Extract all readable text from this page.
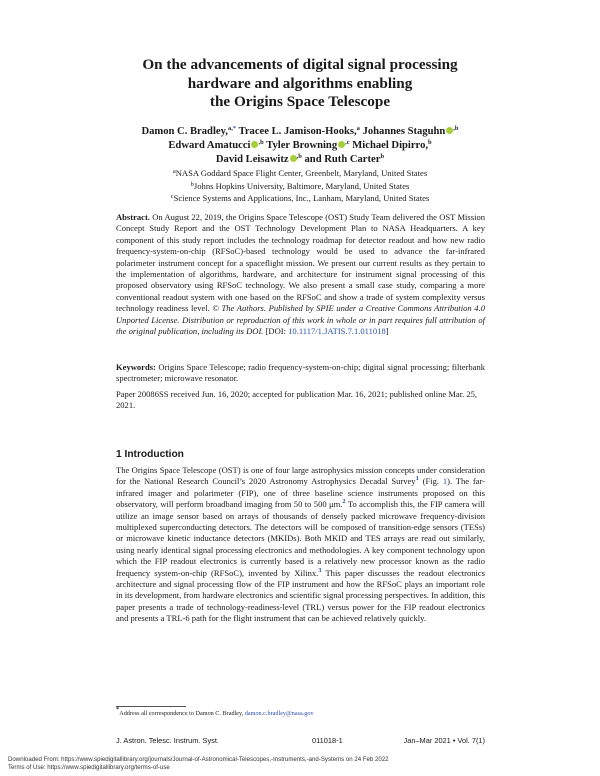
On the advancements of digital signal processing
hardware and algorithms enabling
the Origins Space Telescope
Damon C. Bradley,$^{a,*}$ Tracee L. Jamison-Hooks,$^a$ Johannes Staguhn $^{,b}$
Edward Amatucci $^{,b}$ Tyler Browning $^{,c}$ Michael Dipirro,$^b$
David Leisawitz $^{,b}$ and Ruth Carter$^b$
$^a$NASA Goddard Space Flight Center, Greenbelt, Maryland, United States
$^b$Johns Hopkins University, Baltimore, Maryland, United States
$^c$Science Systems and Applications, Inc., Lanham, Maryland, United States
Abstract. On August 22, 2019, the Origins Space Telescope (OST) Study Team delivered the OST Mission Concept Study Report and the OST Technology Development Plan to NASA Headquarters. A key component of this study report includes the technology roadmap for detector readout and how new radio frequency-system-on-chip (RFSoC)-based technology would be used to advance the far-infrared polarimeter instrument concept for a spaceflight mission. We present our current results as they pertain to the implementation of algorithms, hardware, and architecture for instrument signal processing of this proposed observatory using RFSoC technology. We also present a small case study, comparing a more conventional readout system with one based on the RFSoC and show a trade of system complexity versus technology readiness level. © The Authors. Published by SPIE under a Creative Commons Attribution 4.0 Unported License. Distribution or reproduction of this work in whole or in part requires full attribution of the original publication, including its DOI. [DOI: 10.1117/1.JATIS.7.1.011018]
Keywords: Origins Space Telescope; radio frequency-system-on-chip; digital signal processing; filterbank spectrometer; microwave resonator.
Paper 20086SS received Jun. 16, 2020; accepted for publication Mar. 16, 2021; published online Mar. 25, 2021.
1 Introduction
The Origins Space Telescope (OST) is one of four large astrophysics mission concepts under consideration for the National Research Council’s 2020 Astronomy Astrophysics Decadal Survey$^1$ (Fig. 1). The far-infrared imager and polarimeter (FIP), one of three baseline science instruments proposed on this observatory, will perform broadband imaging from 50 to 500 μm.$^2$ To accomplish this, the FIP camera will utilize an image sensor based on arrays of thousands of densely packed microwave frequency-division multiplexed superconducting detectors. The detectors will be composed of transition-edge sensors (TESs) or microwave kinetic inductance detectors (MKIDs). Both MKID and TES arrays are read out similarly, using nearly identical signal processing electronics and methodologies. A key component technology upon which the FIP readout electronics is currently based is a relatively new processor known as the radio frequency system-on-chip (RFSoC), invented by Xilinx.$^3$ This paper discusses the readout electronics architecture and signal processing flow of the FIP instrument and how the RFSoC plays an important role in its development, from hardware electronics and scientific signal processing perspectives. In addition, this paper presents a trade of technology-readiness-level (TRL) versus power for the FIP readout electronics and presents a TRL-6 path for the flight instrument that can be achieved relatively quickly.
*Address all correspondence to Damon C. Bradley, damon.c.bradley@nasa.gov
J. Astron. Telesc. Instrum. Syst.	011018-1	Jan–Mar 2021 • Vol. 7(1)
Downloaded From: https://www.spiedigitallibrary.org/journals/Journal-of-Astronomical-Telescopes,-Instruments,-and-Systems on 24 Feb 2022
Terms of Use: https://www.spiedigitallibrary.org/terms-of-use
